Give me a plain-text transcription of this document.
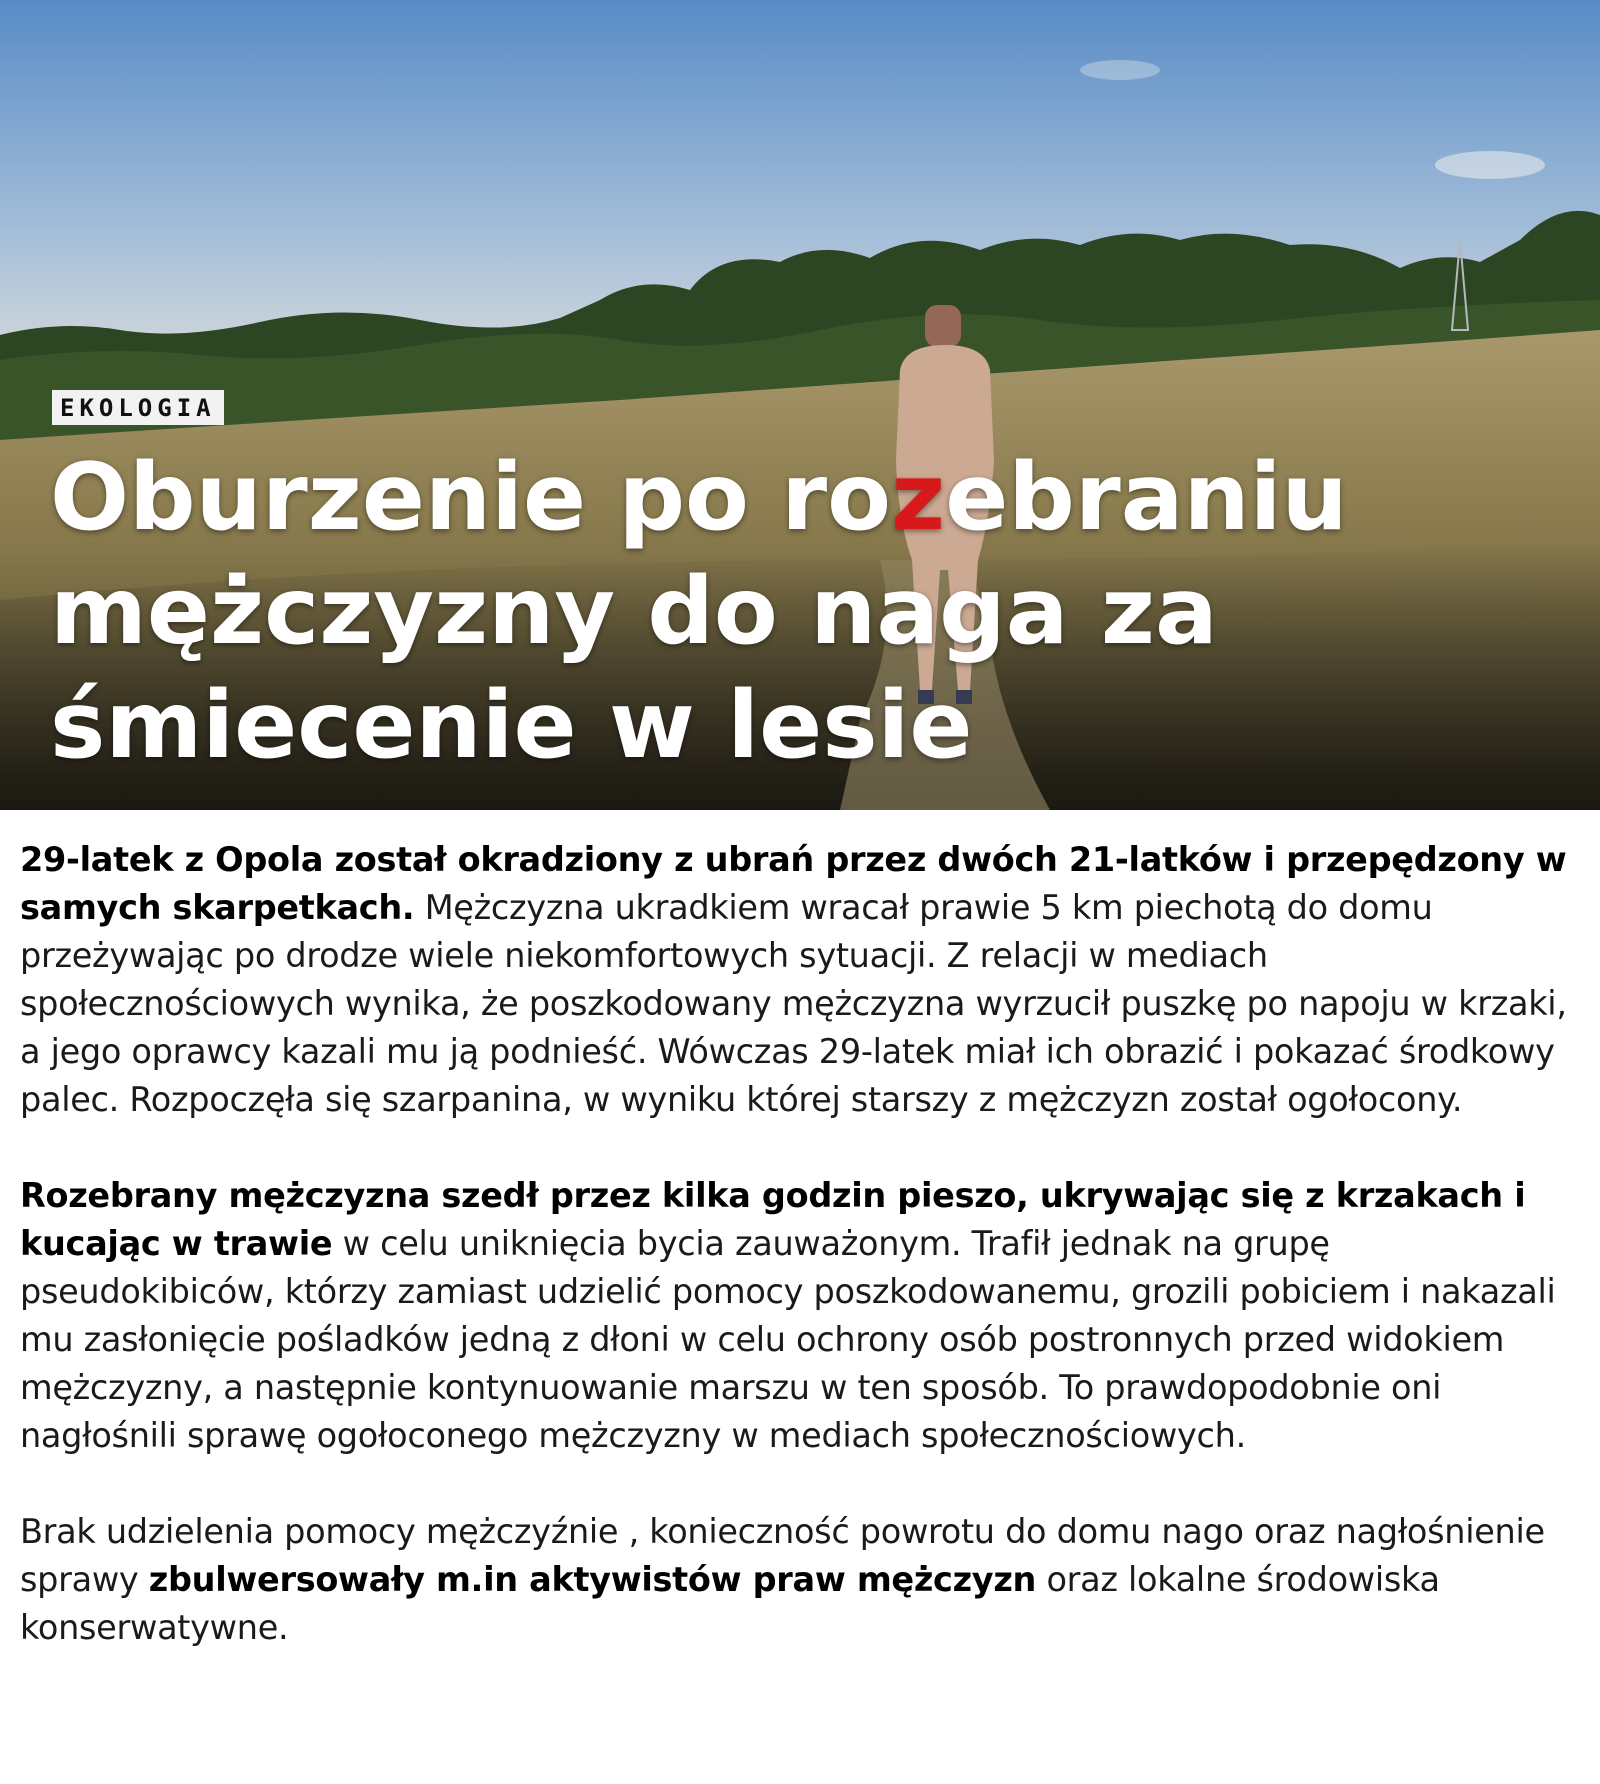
EKOLOGIA
Oburzenie po rozebraniu
mężczyzny do naga za
śmiecenie w lesie

29-latek z Opola został okradziony z ubrań przez dwóch 21-latków i przepędzony w samych skarpetkach. Mężczyzna ukradkiem wracał prawie 5 km piechotą do domu przeżywając po drodze wiele niekomfortowych sytuacji. Z relacji w mediach społecznościowych wynika, że poszkodowany mężczyzna wyrzucił puszkę po napoju w krzaki, a jego oprawcy kazali mu ją podnieść. Wówczas 29-latek miał ich obrazić i pokazać środkowy palec. Rozpoczęła się szarpanina, w wyniku której starszy z mężczyzn został ogołocony.

Rozebrany mężczyzna szedł przez kilka godzin pieszo, ukrywając się z krzakach i kucając w trawie w celu uniknięcia bycia zauważonym. Trafił jednak na grupę pseudokibiców, którzy zamiast udzielić pomocy poszkodowanemu, grozili pobiciem i nakazali mu zasłonięcie pośladków jedną z dłoni w celu ochrony osób postronnych przed widokiem mężczyzny, a następnie kontynuowanie marszu w ten sposób. To prawdopodobnie oni nagłośnili sprawę ogołoconego mężczyzny w mediach społecznościowych.

Brak udzielenia pomocy mężczyźnie , konieczność powrotu do domu nago oraz nagłośnienie sprawy zbulwersowały m.in aktywistów praw mężczyzn oraz lokalne środowiska konserwatywne.
